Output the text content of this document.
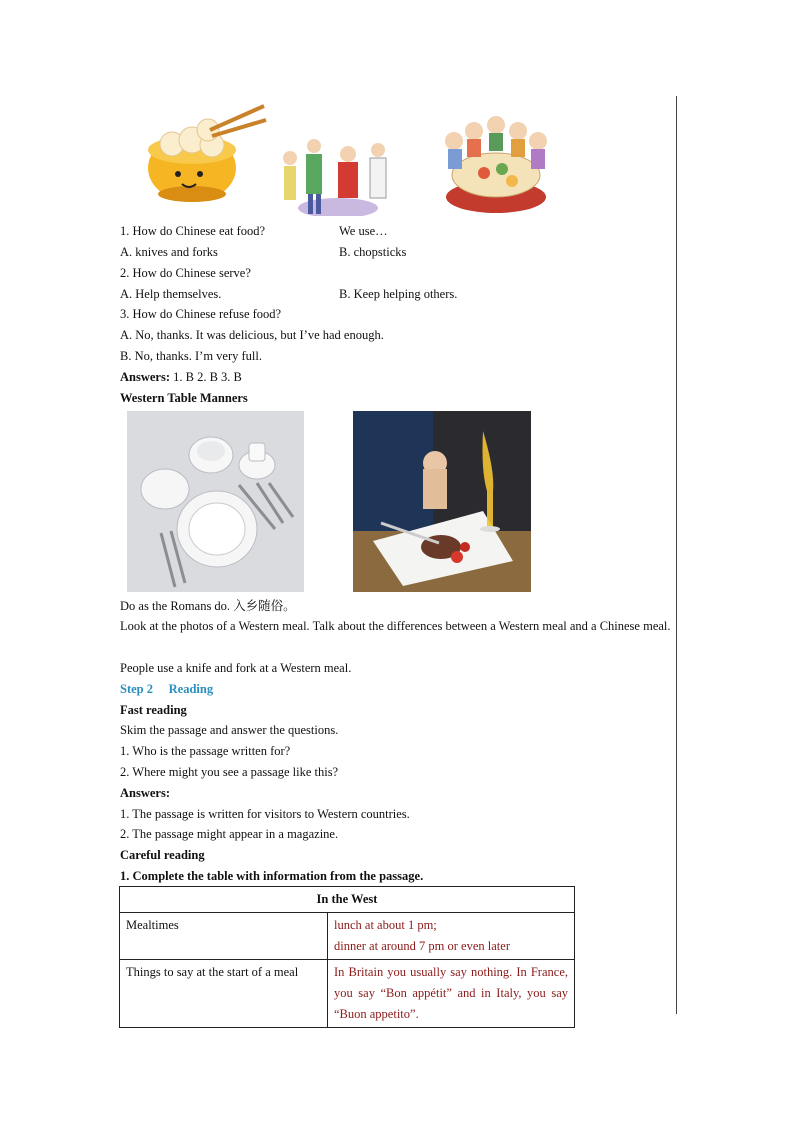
1. How do Chinese eat food?	We use…
A. knives and forks	B. chopsticks
2. How do Chinese serve?
A. Help themselves.	B. Keep helping others.
3. How do Chinese refuse food?
A. No, thanks. It was delicious, but I’ve had enough.
B. No, thanks. I’m very full.
Answers: 1. B 2. B 3. B
Western Table Manners
Do as the Romans do. 入乡随俗。
Look at the photos of a Western meal. Talk about the differences between a Western meal and a Chinese meal.
People use a knife and fork at a Western meal.
Step 2     Reading
Fast reading
Skim the passage and answer the questions.
1. Who is the passage written for?
2. Where might you see a passage like this?
Answers:
1. The passage is written for visitors to Western countries.
2. The passage might appear in a magazine.
Careful reading
1. Complete the table with information from the passage.
In the West	
Mealtimes	lunch at about 1 pm;
dinner at around 7 pm or even later

Things to say at the start of a meal	In Britain you usually say nothing. In France, you say “Bon appétit” and in Italy, you say “Buon appetito”.
